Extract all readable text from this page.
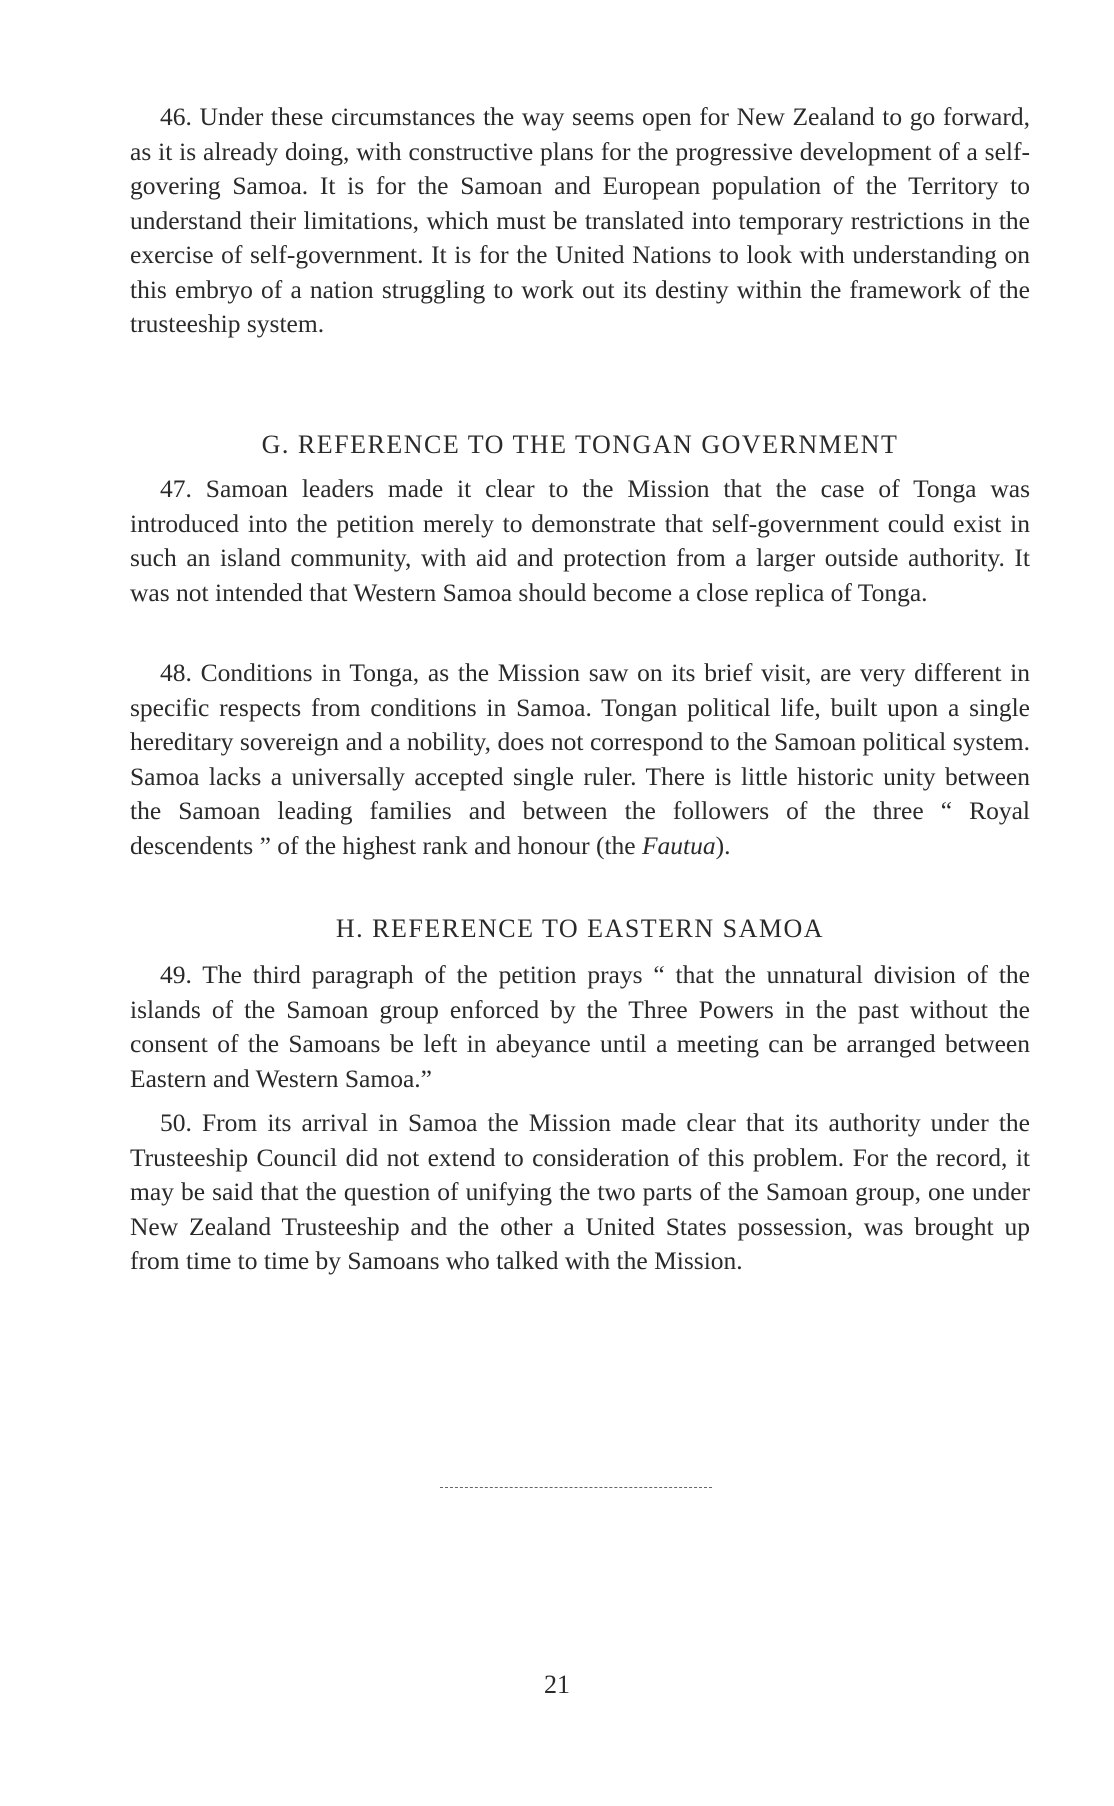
46. Under these circumstances the way seems open for New Zealand to go forward, as it is already doing, with constructive plans for the progressive development of a self-govering Samoa. It is for the Samoan and European population of the Territory to understand their limitations, which must be translated into temporary restrictions in the exercise of self-government. It is for the United Nations to look with understanding on this embryo of a nation struggling to work out its destiny within the framework of the trusteeship system.

G. REFERENCE TO THE TONGAN GOVERNMENT

47. Samoan leaders made it clear to the Mission that the case of Tonga was introduced into the petition merely to demonstrate that self-government could exist in such an island community, with aid and protection from a larger outside authority. It was not intended that Western Samoa should become a close replica of Tonga.

48. Conditions in Tonga, as the Mission saw on its brief visit, are very different in specific respects from conditions in Samoa. Tongan political life, built upon a single hereditary sovereign and a nobility, does not correspond to the Samoan political system. Samoa lacks a universally accepted single ruler. There is little historic unity between the Samoan leading families and between the followers of the three “ Royal descendents ” of the highest rank and honour (the Fautua).

H. REFERENCE TO EASTERN SAMOA

49. The third paragraph of the petition prays “ that the unnatural division of the islands of the Samoan group enforced by the Three Powers in the past without the consent of the Samoans be left in abeyance until a meeting can be arranged between Eastern and Western Samoa.”

50. From its arrival in Samoa the Mission made clear that its authority under the Trusteeship Council did not extend to consideration of this problem. For the record, it may be said that the question of unifying the two parts of the Samoan group, one under New Zealand Trusteeship and the other a United States possession, was brought up from time to time by Samoans who talked with the Mission.

21
